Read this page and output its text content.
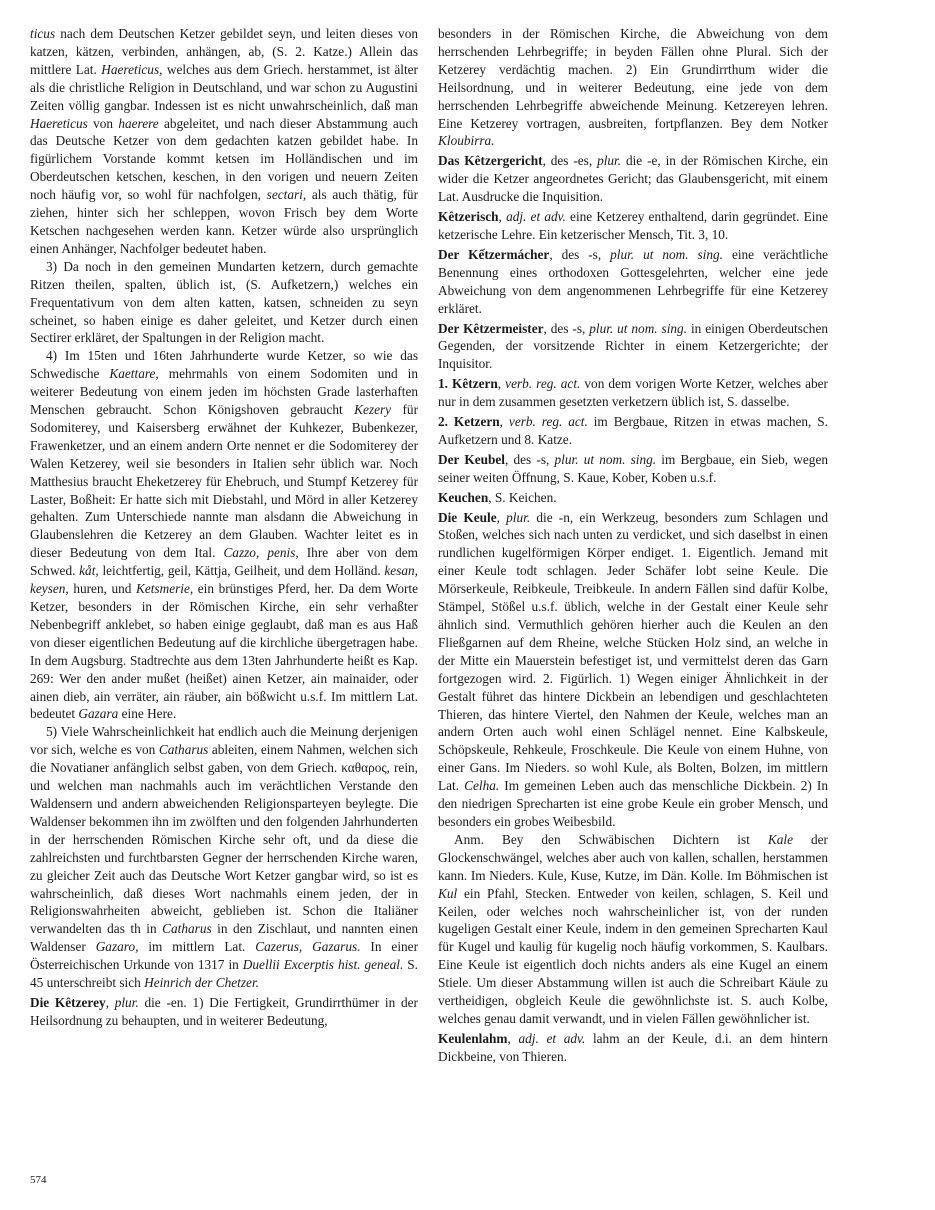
ticus nach dem Deutschen Ketzer gebildet seyn, und leiten dieses von katzen, kätzen, verbinden, anhängen, ab, (S. 2. Katze.) Allein das mittlere Lat. Haereticus, welches aus dem Griech. herstammet, ist älter als die christliche Religion in Deutschland, und war schon zu Augustini Zeiten völlig gangbar. Indessen ist es nicht unwahrscheinlich, daß man Haereticus von haerere abgeleitet, und nach dieser Abstammung auch das Deutsche Ketzer von dem gedachten katzen gebildet habe. In figürlichem Vorstande kommt ketsen im Holländischen und im Oberdeutschen ketschen, keschen, in den vorigen und neuern Zeiten noch häufig vor, so wohl für nachfolgen, sectari, als auch thätig, für ziehen, hinter sich her schleppen, wovon Frisch bey dem Worte Ketschen nachgesehen werden kann. Ketzer würde also ursprünglich einen Anhänger, Nachfolger bedeutet haben.

3) Da noch in den gemeinen Mundarten ketzern, durch gemachte Ritzen theilen, spalten, üblich ist, (S. Aufketzern,) welches ein Frequentativum von dem alten katten, katsen, schneiden zu seyn scheinet, so haben einige es daher geleitet, und Ketzer durch einen Sectirer erkläret, der Spaltungen in der Religion macht.

4) Im 15ten und 16ten Jahrhunderte wurde Ketzer, so wie das Schwedische Kaettare, mehrmahls von einem Sodomiten und in weiterer Bedeutung von einem jeden im höchsten Grade lasterhaften Menschen gebraucht. Schon Königshoven gebraucht Kezery für Sodomiterey, und Kaisersberg erwähnet der Kuhkezer, Bubenkezer, Frawenketzer, und an einem andern Orte nennet er die Sodomiterey der Walen Ketzerey, weil sie besonders in Italien sehr üblich war. Noch Matthesius braucht Eheketzerey für Ehebruch, und Stumpf Ketzerey für Laster, Boßheit: Er hatte sich mit Diebstahl, und Mörd in aller Ketzerey gehalten. Zum Unterschiede nannte man alsdann die Abweichung in Glaubenslehren die Ketzerey an dem Glauben. Wachter leitet es in dieser Bedeutung von dem Ital. Cazzo, penis, Ihre aber von dem Schwed. kåt, leichtfertig, geil, Kättja, Geilheit, und dem Holländ. kesan, keysen, huren, und Ketsmerie, ein brünstiges Pferd, her. Da dem Worte Ketzer, besonders in der Römischen Kirche, ein sehr verhaßter Nebenbegriff anklebet, so haben einige geglaubt, daß man es aus Haß von dieser eigentlichen Bedeutung auf die kirchliche übergetragen habe. In dem Augsburg. Stadtrechte aus dem 13ten Jahrhunderte heißt es Kap. 269: Wer den ander mußet (heißet) ainen Ketzer, ain mainaider, oder ainen dieb, ain verräter, ain räuber, ain bößwicht u.s.f. Im mittlern Lat. bedeutet Gazara eine Here.

5) Viele Wahrscheinlichkeit hat endlich auch die Meinung derjenigen vor sich, welche es von Catharus ableiten, einem Nahmen, welchen sich die Novatianer anfänglich selbst gaben, von dem Griech. καθαρος, rein, und welchen man nachmahls auch im verächtlichen Verstande den Waldensern und andern abweichenden Religionsparteyen beylegte. Die Waldenser bekommen ihn im zwölften und den folgenden Jahrhunderten in der herrschenden Römischen Kirche sehr oft, und da diese die zahlreichsten und furchtbarsten Gegner der herrschenden Kirche waren, zu gleicher Zeit auch das Deutsche Wort Ketzer gangbar wird, so ist es wahrscheinlich, daß dieses Wort nachmahls einem jeden, der in Religionswahrheiten abweicht, geblieben ist. Schon die Italiäner verwandelten das th in Catharus in den Zischlaut, und nannten einen Waldenser Gazaro, im mittlern Lat. Cazerus, Gazarus. In einer Österreichischen Urkunde von 1317 in Duellii Excerptis hist. geneal. S. 45 unterschreibt sich Heinrich der Chetzer.

Die Kêtzerey, plur. die -en. 1) Die Fertigkeit, Grundirrthümer in der Heilsordnung zu behaupten, und in weiterer Bedeutung,

besonders in der Römischen Kirche, die Abweichung von dem herrschenden Lehrbegriffe; in beyden Fällen ohne Plural. Sich der Ketzerey verdächtig machen. 2) Ein Grundirrthum wider die Heilsordnung, und in weiterer Bedeutung, eine jede von dem herrschenden Lehrbegriffe abweichende Meinung. Ketzereyen lehren. Eine Ketzerey vortragen, ausbreiten, fortpflanzen. Bey dem Notker Kloubirra.

Das Kêtzergericht, des -es, plur. die -e, in der Römischen Kirche, ein wider die Ketzer angeordnetes Gericht; das Glaubensgericht, mit einem Lat. Ausdrucke die Inquisition.

Kêtzerisch, adj. et adv. eine Ketzerey enthaltend, darin gegründet. Eine ketzerische Lehre. Ein ketzerischer Mensch, Tit. 3, 10.

Der Kếtzermácher, des -s, plur. ut nom. sing. eine verächtliche Benennung eines orthodoxen Gottesgelehrten, welcher eine jede Abweichung von dem angenommenen Lehrbegriffe für eine Ketzerey erkläret.

Der Kêtzermeister, des -s, plur. ut nom. sing. in einigen Oberdeutschen Gegenden, der vorsitzende Richter in einem Ketzergerichte; der Inquisitor.

1. Kêtzern, verb. reg. act. von dem vorigen Worte Ketzer, welches aber nur in dem zusammen gesetzten verketzern üblich ist, S. dasselbe.

2. Ketzern, verb. reg. act. im Bergbaue, Ritzen in etwas machen, S. Aufketzern und 8. Katze.

Der Keubel, des -s, plur. ut nom. sing. im Bergbaue, ein Sieb, wegen seiner weiten Öffnung, S. Kaue, Kober, Koben u.s.f.

Keuchen, S. Keichen.

Die Keule, plur. die -n, ein Werkzeug, besonders zum Schlagen und Stoßen, welches sich nach unten zu verdicket, und sich daselbst in einen rundlichen kugelförmigen Körper endiget. 1. Eigentlich. Jemand mit einer Keule todt schlagen. Jeder Schäfer lobt seine Keule. Die Mörserkeule, Reibkeule, Treibkeule. In andern Fällen sind dafür Kolbe, Stämpel, Stößel u.s.f. üblich, welche in der Gestalt einer Keule sehr ähnlich sind. Vermuthlich gehören hierher auch die Keulen an den Fließgarnen auf dem Rheine, welche Stücken Holz sind, an welche in der Mitte ein Mauerstein befestiget ist, und vermittelst deren das Garn fortgezogen wird. 2. Figürlich. 1) Wegen einiger Ähnlichkeit in der Gestalt führet das hintere Dickbein an lebendigen und geschlachteten Thieren, das hintere Viertel, den Nahmen der Keule, welches man an andern Orten auch wohl einen Schlägel nennet. Eine Kalbskeule, Schöpskeule, Rehkeule, Froschkeule. Die Keule von einem Huhne, von einer Gans. Im Nieders. so wohl Kule, als Bolten, Bolzen, im mittlern Lat. Celha. Im gemeinen Leben auch das menschliche Dickbein. 2) In den niedrigen Sprecharten ist eine grobe Keule ein grober Mensch, und besonders ein grobes Weibesbild.

Anm. Bey den Schwäbischen Dichtern ist Kale der Glockenschwängel, welches aber auch von kallen, schallen, herstammen kann. Im Nieders. Kule, Kuse, Kutze, im Dän. Kolle. Im Böhmischen ist Kul ein Pfahl, Stecken. Entweder von keilen, schlagen, S. Keil und Keilen, oder welches noch wahrscheinlicher ist, von der runden kugeligen Gestalt einer Keule, indem in den gemeinen Sprecharten Kaul für Kugel und kaulig für kugelig noch häufig vorkommen, S. Kaulbars. Eine Keule ist eigentlich doch nichts anders als eine Kugel an einem Stiele. Um dieser Abstammung willen ist auch die Schreibart Käule zu vertheidigen, obgleich Keule die gewöhnlichste ist. S. auch Kolbe, welches genau damit verwandt, und in vielen Fällen gewöhnlicher ist.

Keulenlahm, adj. et adv. lahm an der Keule, d.i. an dem hintern Dickbeine, von Thieren.

574
